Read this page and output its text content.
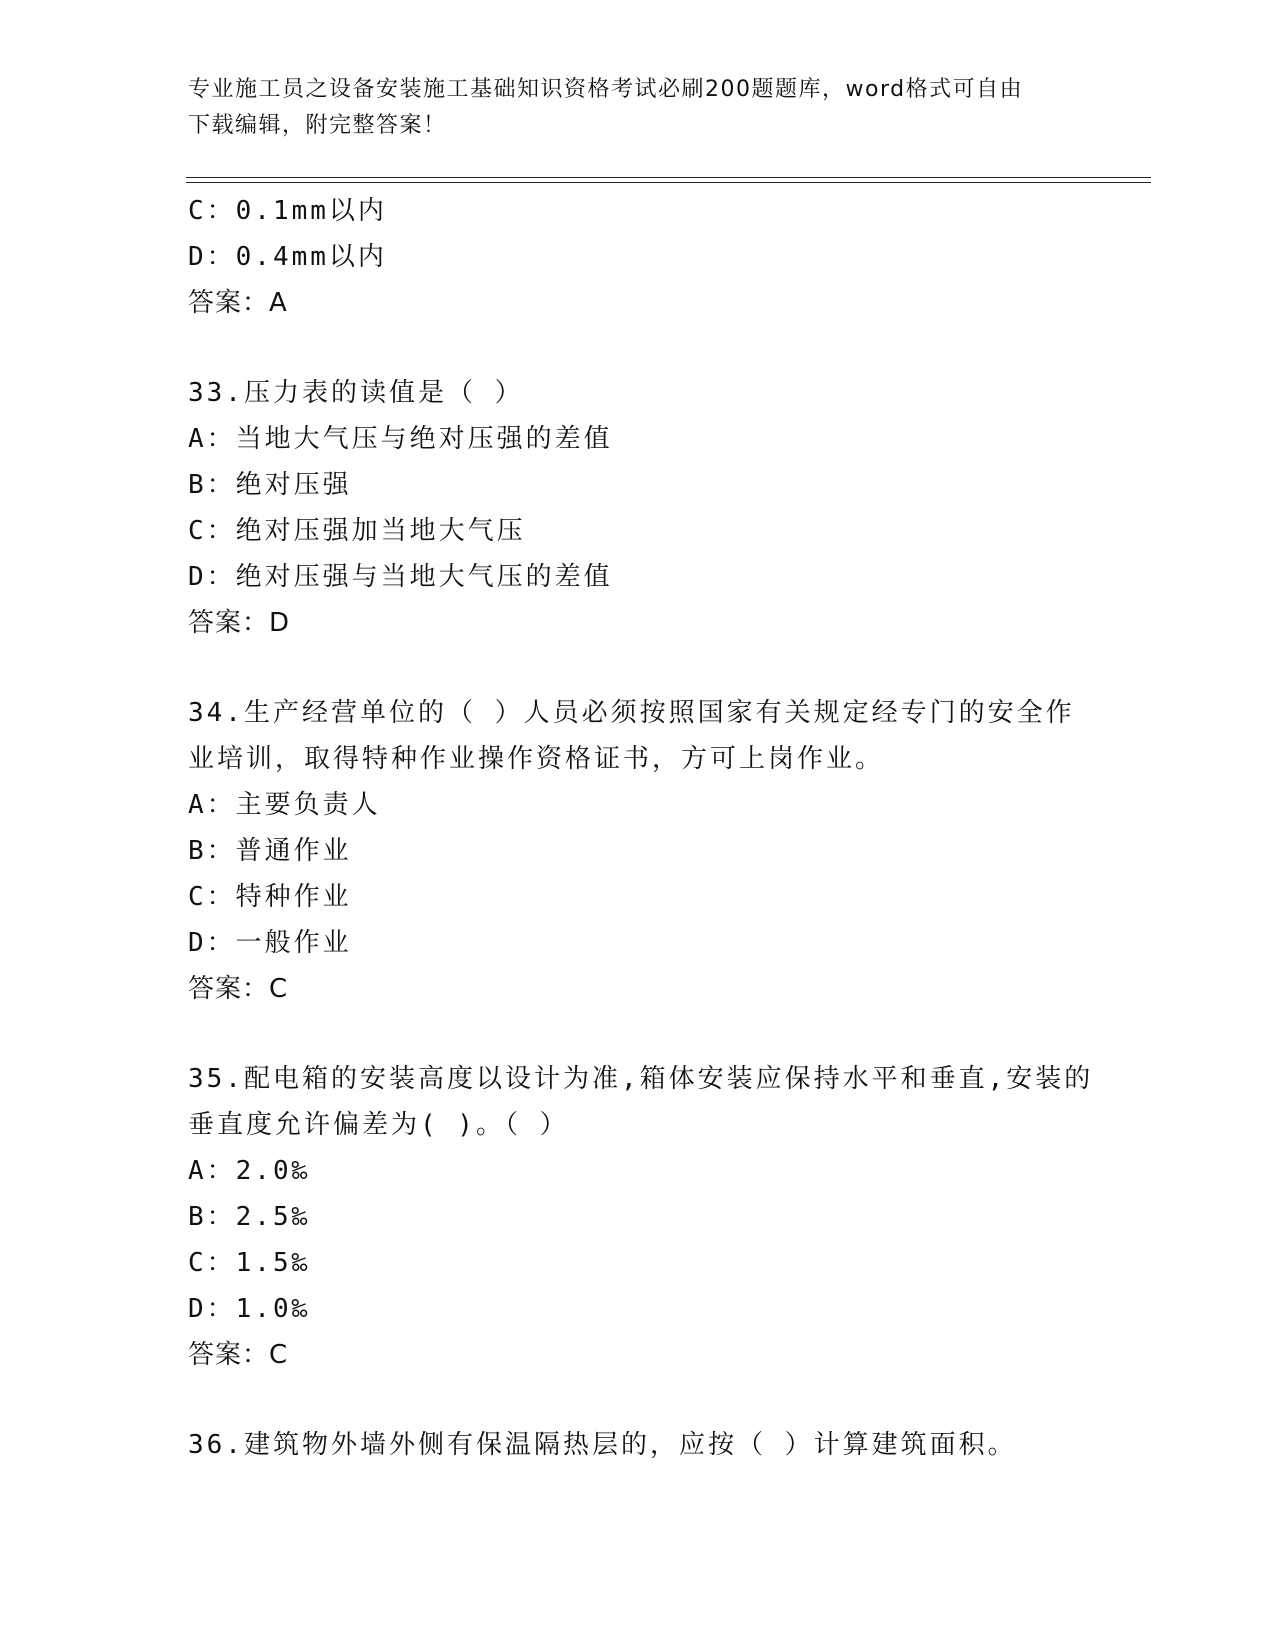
专业施工员之设备安装施工基础知识资格考试必刷200题题库，word格式可自由
下载编辑，附完整答案！
C：0.1mm以内
D：0.4mm以内
答案：A
33.压力表的读值是（ ）
A：当地大气压与绝对压强的差值
B：绝对压强
C：绝对压强加当地大气压
D：绝对压强与当地大气压的差值
答案：D
34.生产经营单位的（ ）人员必须按照国家有关规定经专门的安全作
业培训，取得特种作业操作资格证书，方可上岗作业。
A：主要负责人
B：普通作业
C：特种作业
D：一般作业
答案：C
35.配电箱的安装高度以设计为准,箱体安装应保持水平和垂直,安装的
垂直度允许偏差为( )。（ ）
A：2.0‰
B：2.5‰
C：1.5‰
D：1.0‰
答案：C
36.建筑物外墙外侧有保温隔热层的，应按（ ）计算建筑面积。
